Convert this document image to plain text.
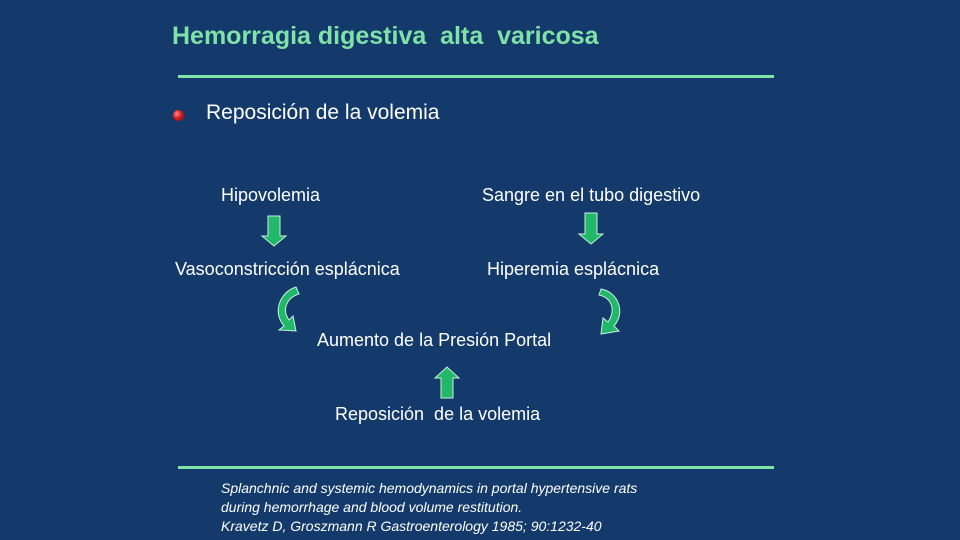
Hemorragia digestiva  alta  varicosa
Reposición de la volemia
Hipovolemia	Sangre en el tubo digestivo
Vasoconstricción esplácnica	Hiperemia esplácnica
Aumento de la Presión Portal
Reposición  de la volemia
Splanchnic and systemic hemodynamics in portal hypertensive rats
during hemorrhage and blood volume restitution.
Kravetz D, Groszmann R Gastroenterology 1985; 90:1232-40
